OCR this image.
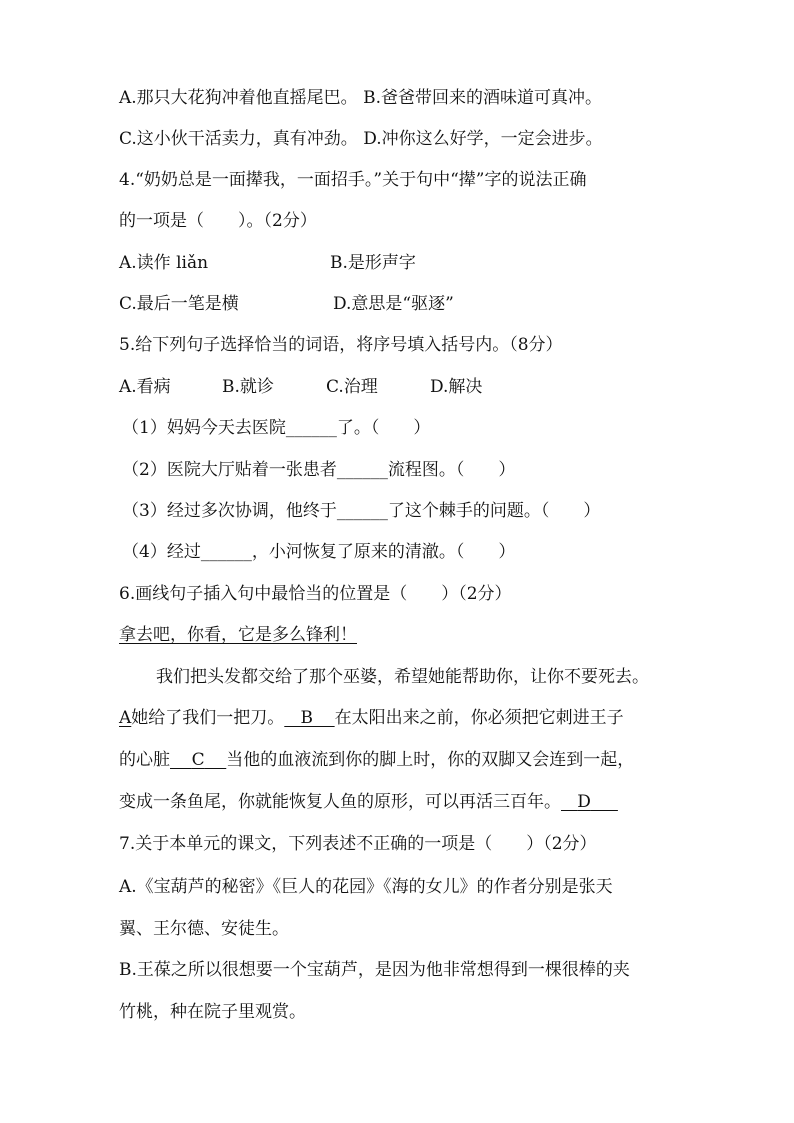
A.那只大花狗冲着他直摇尾巴。 B.爸爸带回来的酒味道可真冲。
C.这小伙干活卖力，真有冲劲。 D.冲你这么好学，一定会进步。
4.“奶奶总是一面撵我，一面招手。”关于句中“撵”字的说法正确
的一项是（　　）。（2分）
A.读作 liǎn	B.是形声字
C.最后一笔是横	D.意思是“驱逐”
5.给下列句子选择恰当的词语，将序号填入括号内。（8分）
A.看病	B.就诊	C.治理	D.解决
（1）妈妈今天去医院______了。（　　）
（2）医院大厅贴着一张患者______流程图。（　　）
（3）经过多次协调，他终于______了这个棘手的问题。（　　）
（4）经过______，小河恢复了原来的清澈。（　　）
6.画线句子插入句中最恰当的位置是（　　）（2分）
拿去吧，你看，它是多么锋利！
我们把头发都交给了那个巫婆，希望她能帮助你，让你不要死去。
A她给了我们一把刀。 B 在太阳出来之前，你必须把它刺进王子
的心脏 C 当他的血液流到你的脚上时，你的双脚又会连到一起，
变成一条鱼尾，你就能恢复人鱼的原形，可以再活三百年。 D
7.关于本单元的课文，下列表述不正确的一项是（　　）（2分）
A.《宝葫芦的秘密》《巨人的花园》《海的女儿》的作者分别是张天
翼、王尔德、安徒生。
B.王葆之所以很想要一个宝葫芦，是因为他非常想得到一棵很棒的夹
竹桃，种在院子里观赏。
